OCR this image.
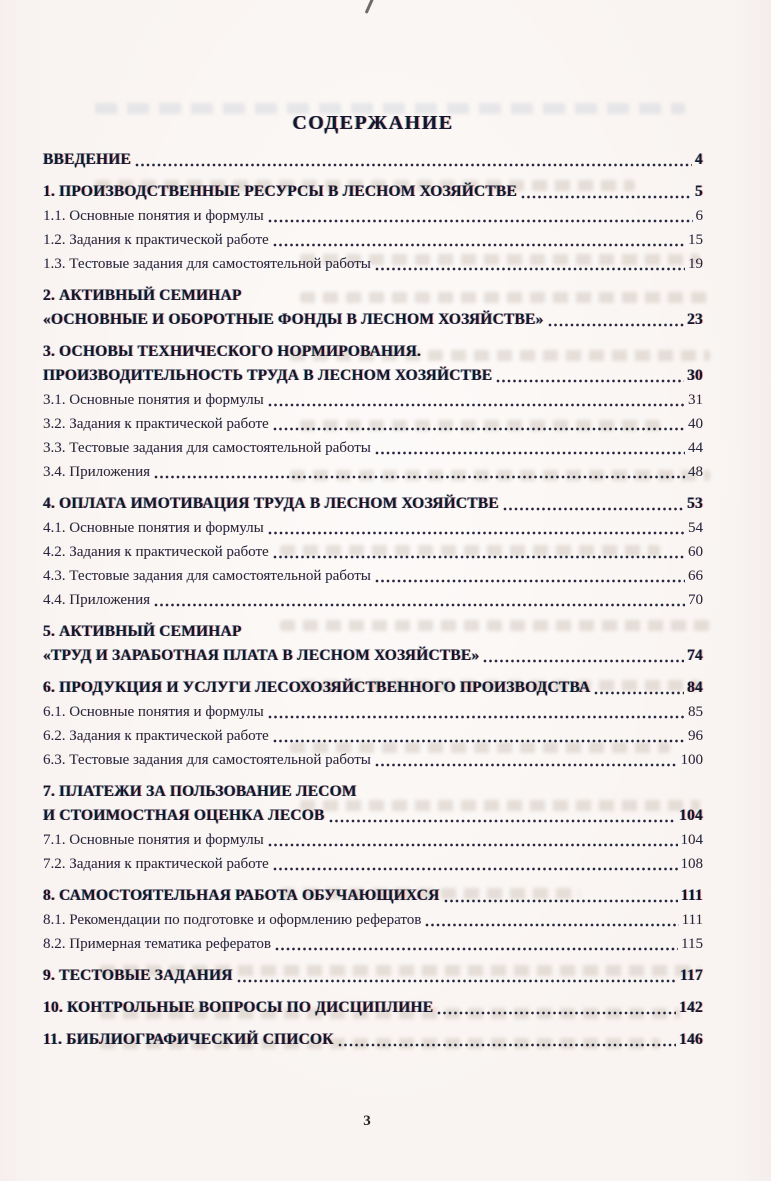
СОДЕРЖАНИЕ
ВВЕДЕНИЕ	4
1. ПРОИЗВОДСТВЕННЫЕ РЕСУРСЫ В ЛЕСНОМ ХОЗЯЙСТВЕ	5
1.1. Основные понятия и формулы	6
1.2. Задания к практической работе	15
1.3. Тестовые задания для самостоятельной работы	19
2. АКТИВНЫЙ СЕМИНАР
«ОСНОВНЫЕ И ОБОРОТНЫЕ ФОНДЫ В ЛЕСНОМ ХОЗЯЙСТВЕ»	23
3. ОСНОВЫ ТЕХНИЧЕСКОГО НОРМИРОВАНИЯ.
ПРОИЗВОДИТЕЛЬНОСТЬ ТРУДА В ЛЕСНОМ ХОЗЯЙСТВЕ	30
3.1. Основные понятия и формулы	31
3.2. Задания к практической работе	40
3.3. Тестовые задания для самостоятельной работы	44
3.4. Приложения	48
4. ОПЛАТА ИМОТИВАЦИЯ ТРУДА В ЛЕСНОМ ХОЗЯЙСТВЕ	53
4.1. Основные понятия и формулы	54
4.2. Задания к практической работе	60
4.3. Тестовые задания для самостоятельной работы	66
4.4. Приложения	70
5. АКТИВНЫЙ СЕМИНАР
«ТРУД И ЗАРАБОТНАЯ ПЛАТА В ЛЕСНОМ ХОЗЯЙСТВЕ»	74
6. ПРОДУКЦИЯ И УСЛУГИ ЛЕСОХОЗЯЙСТВЕННОГО ПРОИЗВОДСТВА	84
6.1. Основные понятия и формулы	85
6.2. Задания к практической работе	96
6.3. Тестовые задания для самостоятельной работы	100
7. ПЛАТЕЖИ ЗА ПОЛЬЗОВАНИЕ ЛЕСОМ
И СТОИМОСТНАЯ ОЦЕНКА ЛЕСОВ	104
7.1. Основные понятия и формулы	104
7.2. Задания к практической работе	108
8. САМОСТОЯТЕЛЬНАЯ РАБОТА ОБУЧАЮЩИХСЯ	111
8.1. Рекомендации по подготовке и оформлению рефератов	111
8.2. Примерная тематика рефератов	115
9. ТЕСТОВЫЕ ЗАДАНИЯ	117
10. КОНТРОЛЬНЫЕ ВОПРОСЫ ПО ДИСЦИПЛИНЕ	142
11. БИБЛИОГРАФИЧЕСКИЙ СПИСОК	146
3
